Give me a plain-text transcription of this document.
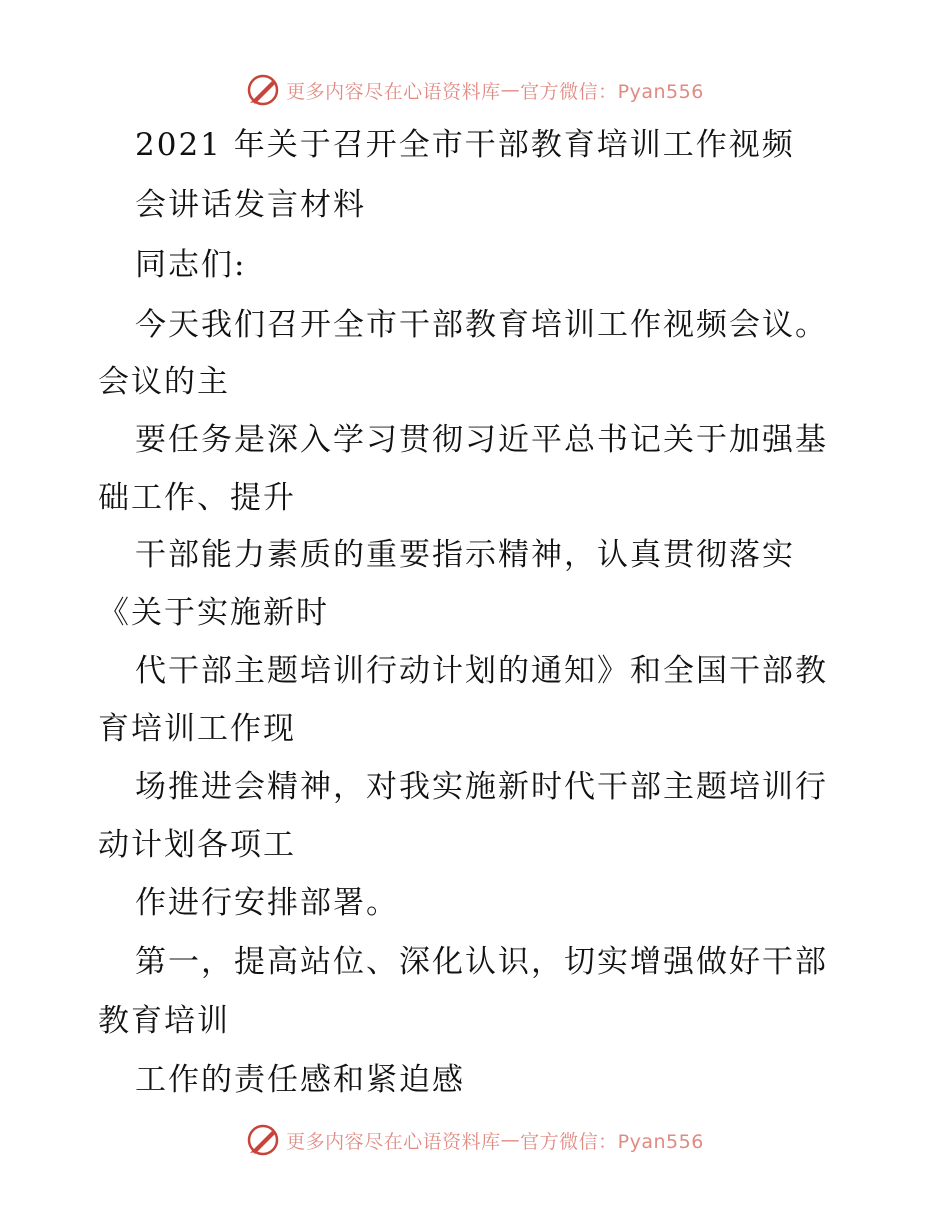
更多内容尽在心语资料库 — 官方微信：Pyan556
2021 年关于召开全市干部教育培训工作视频
会讲话发言材料
同志们:
今天我们召开全市干部教育培训工作视频会议。
会议的主
要任务是深入学习贯彻习近平总书记关于加强基
础工作、提升
干部能力素质的重要指示精神，认真贯彻落实
《关于实施新时
代干部主题培训行动计划的通知》和全国干部教
育培训工作现
场推进会精神，对我实施新时代干部主题培训行
动计划各项工
作进行安排部署。
第一，提高站位、深化认识，切实增强做好干部
教育培训
工作的责任感和紧迫感
更多内容尽在心语资料库 — 官方微信：Pyan556
